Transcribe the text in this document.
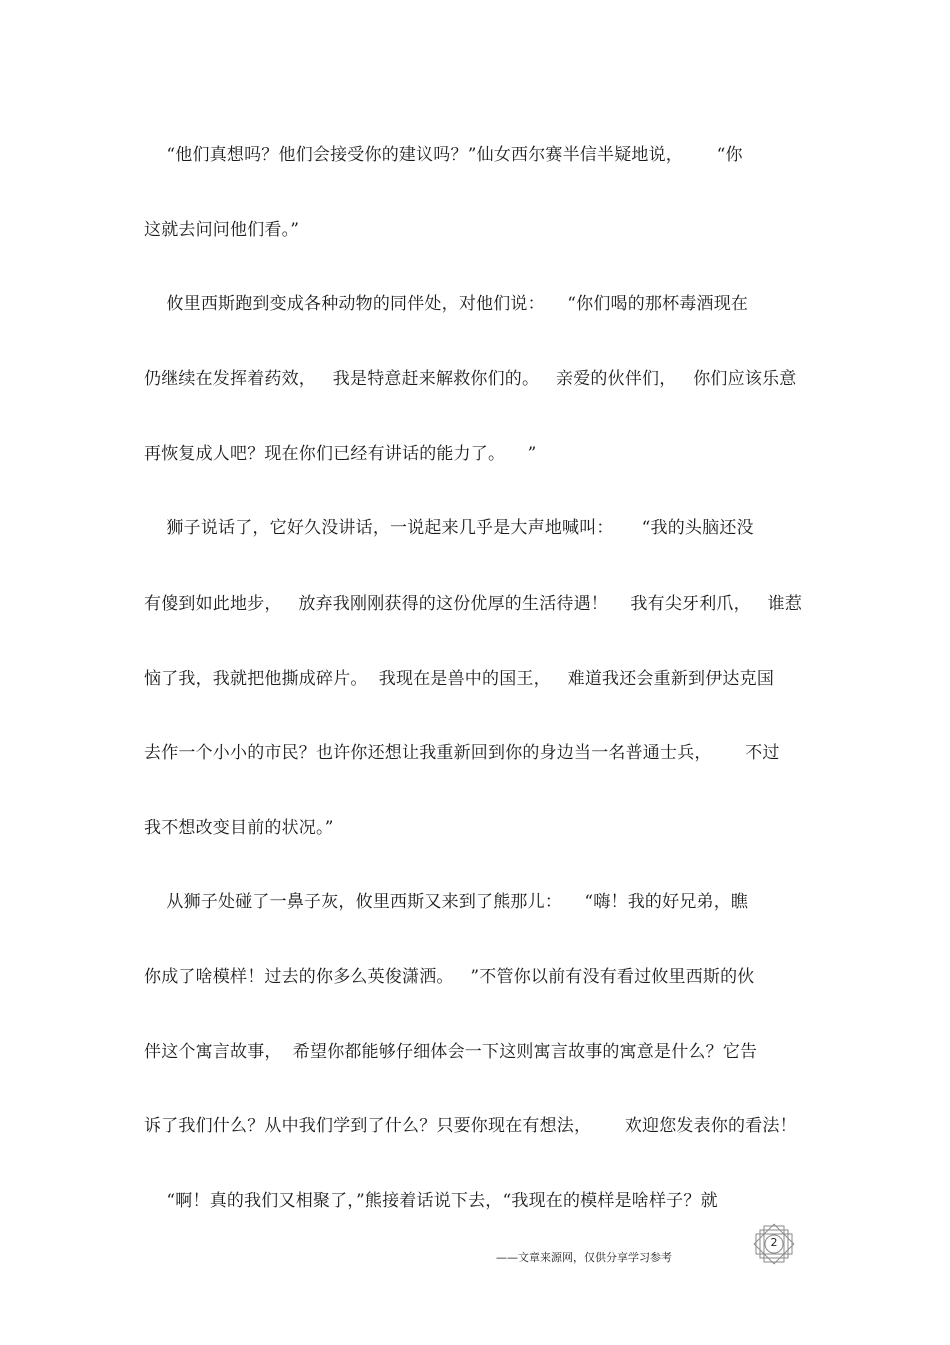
“他们真想吗？他们会接受你的建议吗？”仙女西尔赛半信半疑地说，      “你
这就去问问他们看。”
攸里西斯跑到变成各种动物的同伴处，对他们说：    “你们喝的那杯毒酒现在
仍继续在发挥着药效，   我是特意赶来解救你们的。   亲爱的伙伴们，   你们应该乐意
再恢复成人吧？现在你们已经有讲话的能力了。    ”
狮子说话了，它好久没讲话，一说起来几乎是大声地喊叫：     “我的头脑还没
有傻到如此地步，   放弃我刚刚获得的这份优厚的生活待遇！    我有尖牙利爪，   谁惹
恼了我，我就把他撕成碎片。  我现在是兽中的国王，   难道我还会重新到伊达克国
去作一个小小的市民？也许你还想让我重新回到你的身边当一名普通士兵，      不过
我不想改变目前的状况。”
从狮子处碰了一鼻子灰，攸里西斯又来到了熊那儿：    “嗨！我的好兄弟，瞧
你成了啥模样！过去的你多么英俊潇洒。   ”不管你以前有没有看过攸里西斯的伙
伴这个寓言故事，  希望你都能够仔细体会一下这则寓言故事的寓意是什么？它告
诉了我们什么？从中我们学到了什么？只要你现在有想法，      欢迎您发表你的看法！
“啊！真的我们又相聚了，”熊接着话说下去，“我现在的模样是啥样子？就
——文章来源网，仅供分享学习参考
2
